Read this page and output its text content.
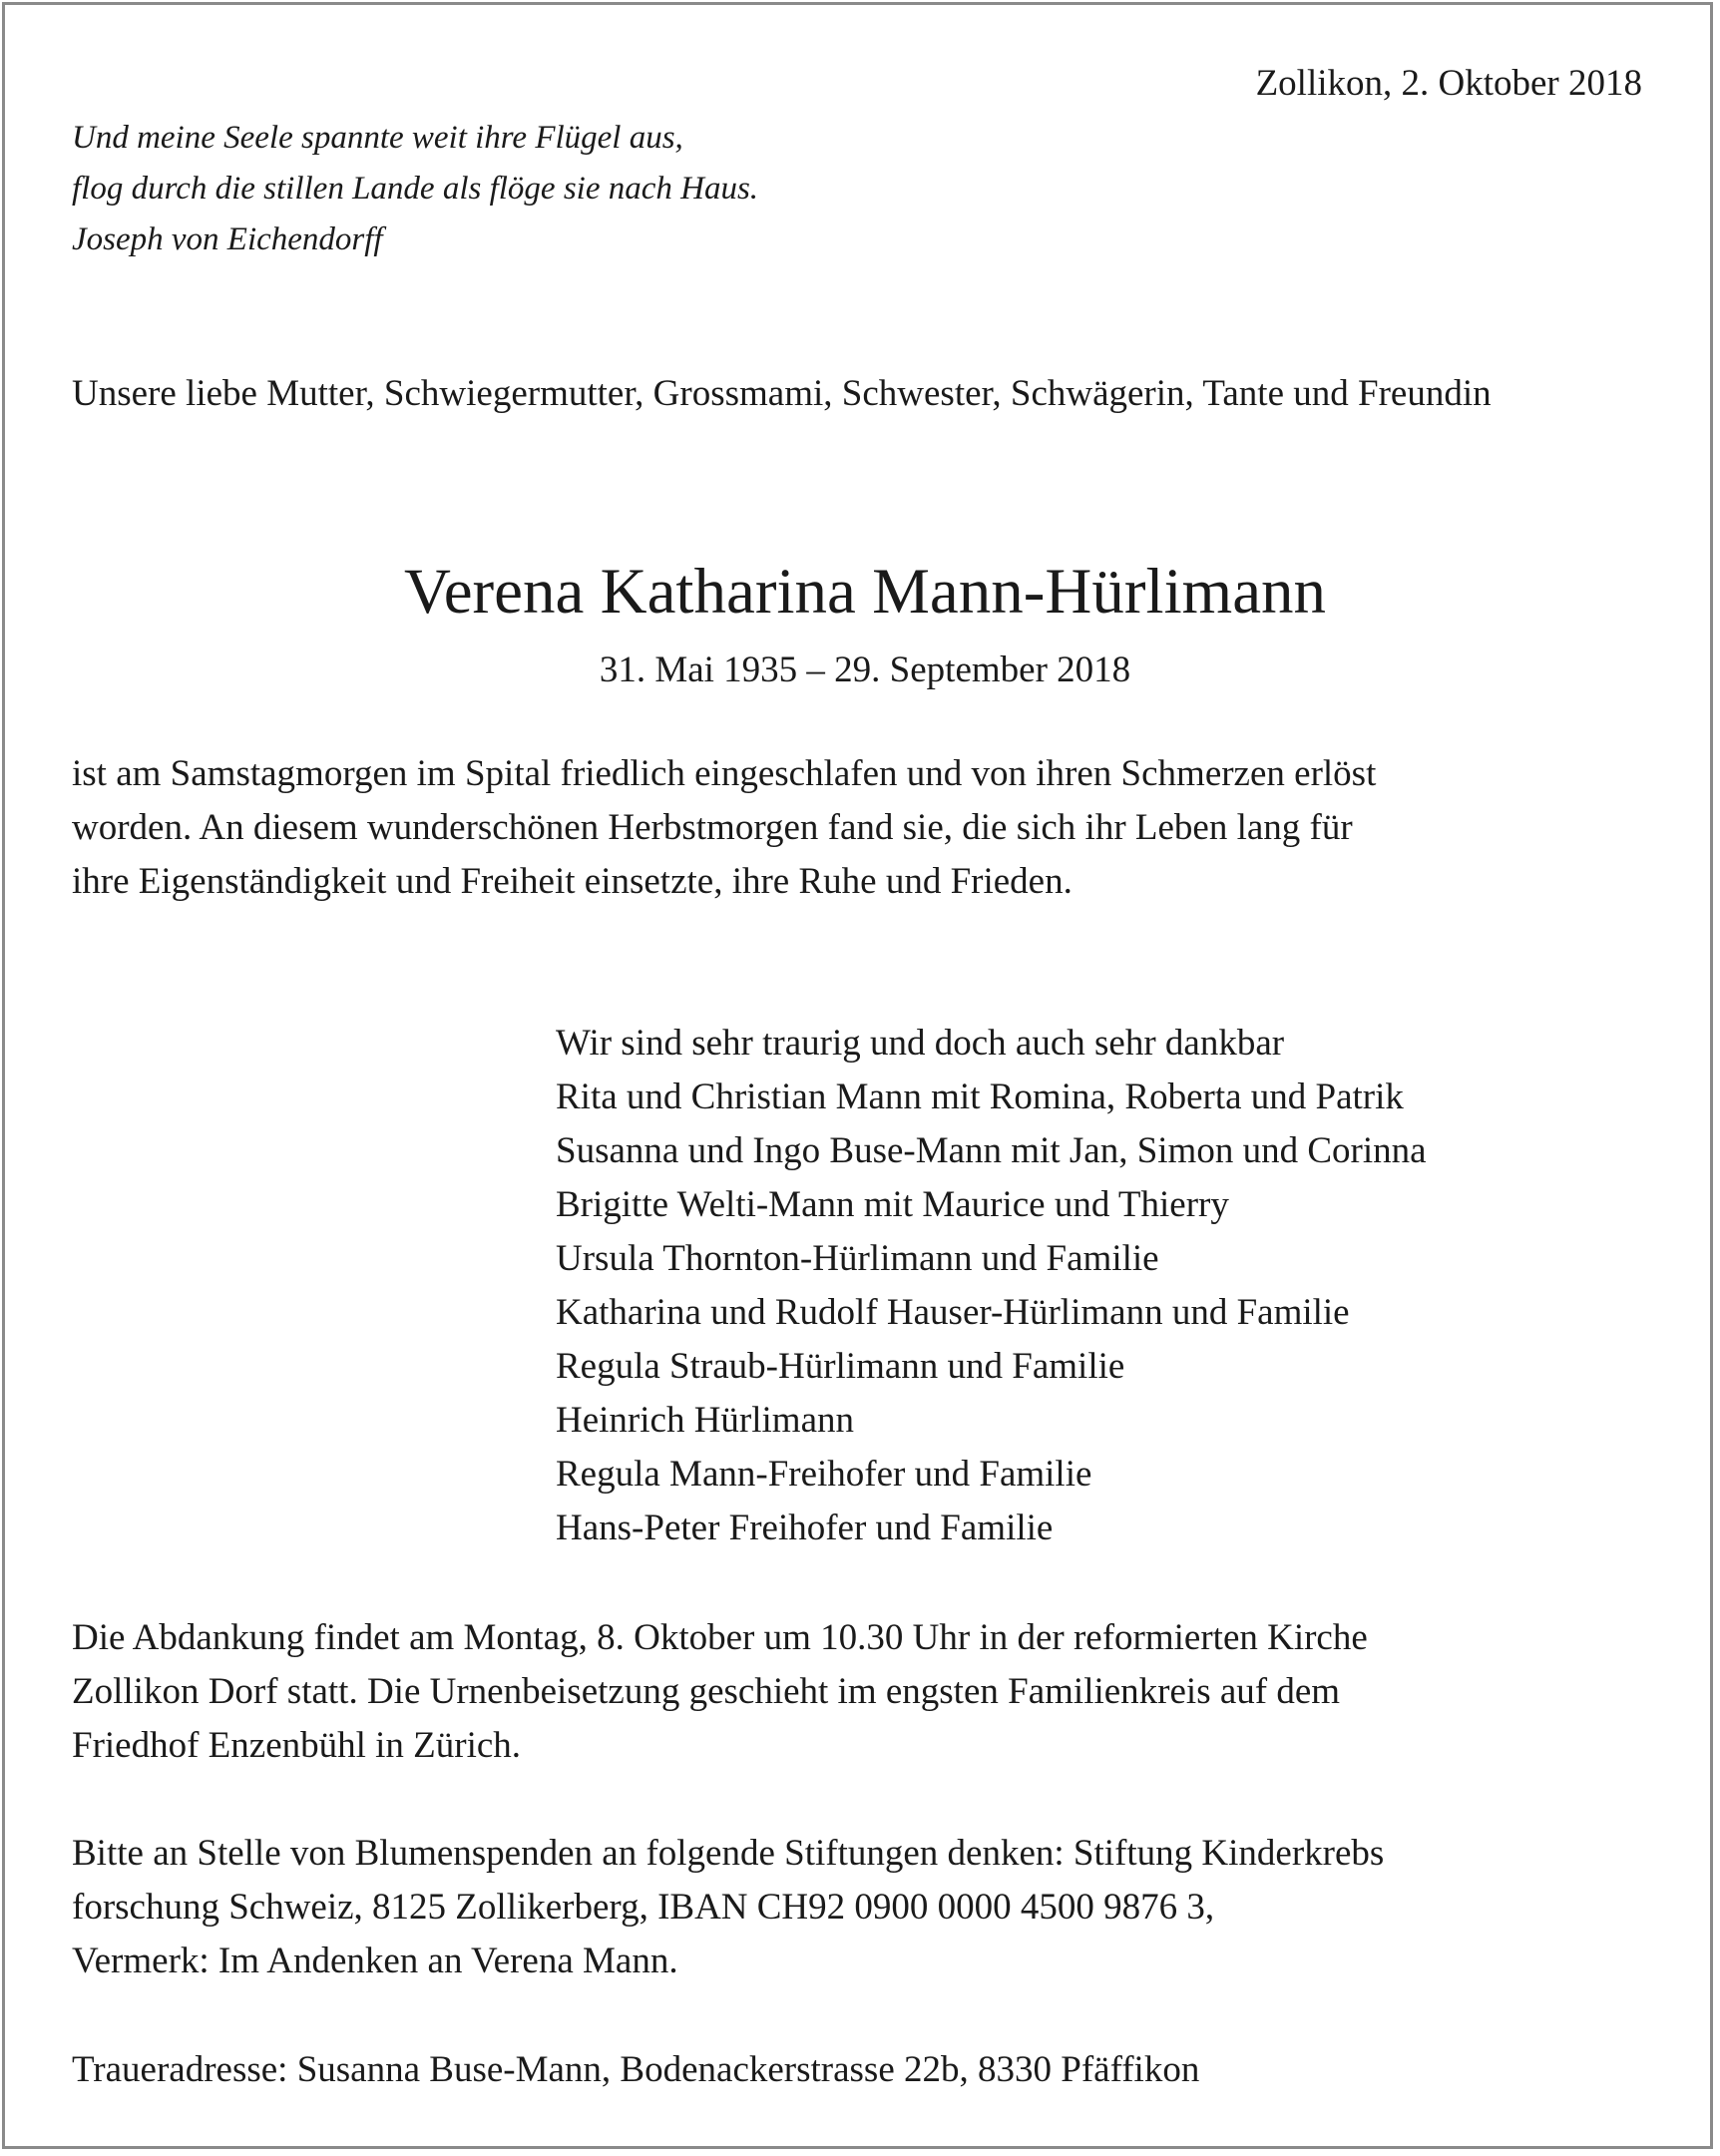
Zollikon, 2. Oktober 2018
Und meine Seele spannte weit ihre Flügel aus,
flog durch die stillen Lande als flöge sie nach Haus.
Joseph von Eichendorff
Unsere liebe Mutter, Schwiegermutter, Grossmami, Schwester, Schwägerin, Tante und Freundin
Verena Katharina Mann-Hürlimann
31. Mai 1935 – 29. September 2018
ist am Samstagmorgen im Spital friedlich eingeschlafen und von ihren Schmerzen erlöst
worden. An diesem wunderschönen Herbstmorgen fand sie, die sich ihr Leben lang für
ihre Eigenständigkeit und Freiheit einsetzte, ihre Ruhe und Frieden.
Wir sind sehr traurig und doch auch sehr dankbar
Rita und Christian Mann mit Romina, Roberta und Patrik
Susanna und Ingo Buse-Mann mit Jan, Simon und Corinna
Brigitte Welti-Mann mit Maurice und Thierry
Ursula Thornton-Hürlimann und Familie
Katharina und Rudolf Hauser-Hürlimann und Familie
Regula Straub-Hürlimann und Familie
Heinrich Hürlimann
Regula Mann-Freihofer und Familie
Hans-Peter Freihofer und Familie
Die Abdankung findet am Montag, 8. Oktober um 10.30 Uhr in der reformierten Kirche
Zollikon Dorf statt. Die Urnenbeisetzung geschieht im engsten Familienkreis auf dem
Friedhof Enzenbühl in Zürich.
Bitte an Stelle von Blumenspenden an folgende Stiftungen denken: Stiftung Kinderkrebs
forschung Schweiz, 8125 Zollikerberg, IBAN CH92 0900 0000 4500 9876 3,
Vermerk: Im Andenken an Verena Mann.
Traueradresse: Susanna Buse-Mann, Bodenackerstrasse 22b, 8330 Pfäffikon
